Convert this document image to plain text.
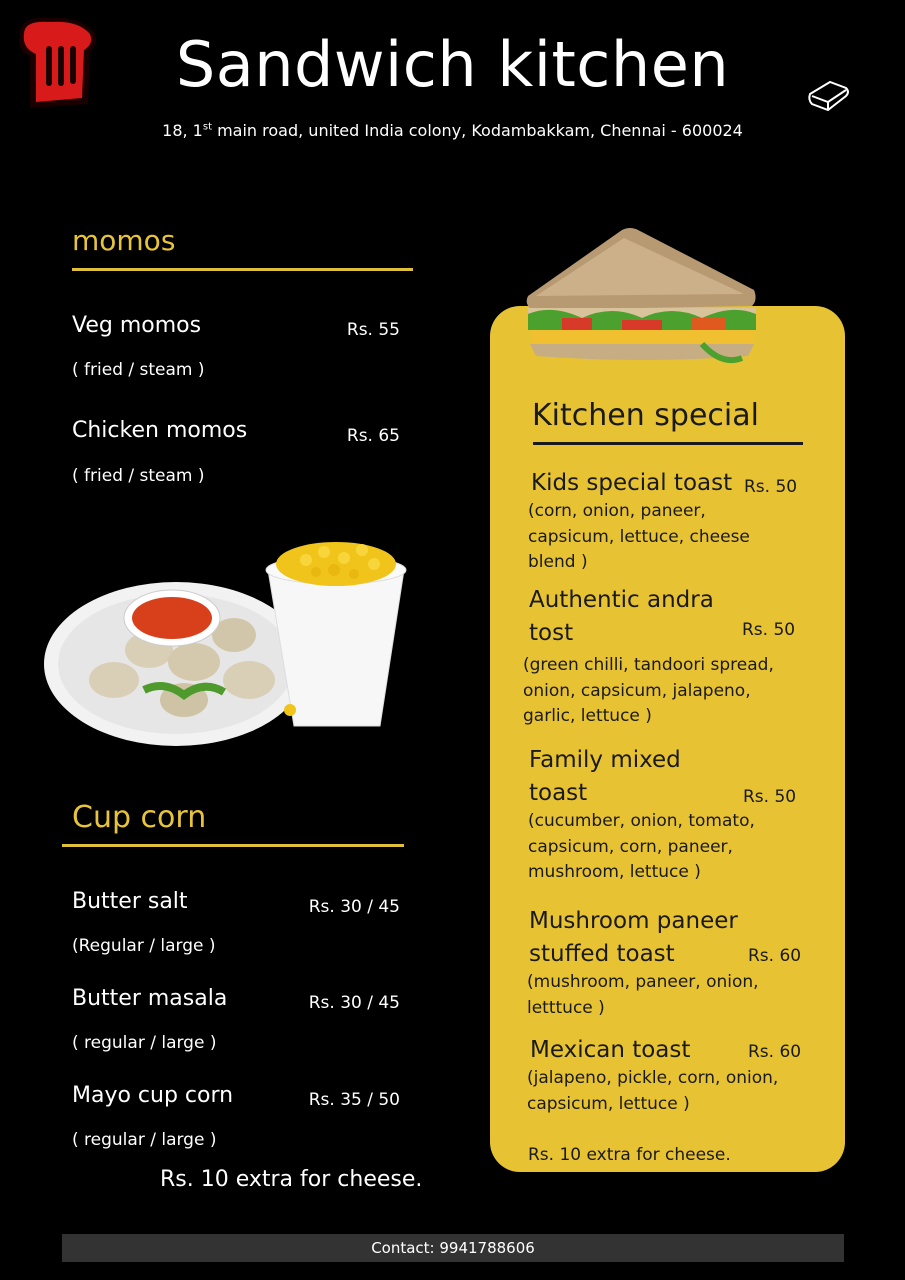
Sandwich kitchen
18, 1st main road, united India colony, Kodambakkam, Chennai - 600024
momos
Veg momos	Rs. 55
( fried / steam )
Chicken momos	Rs. 65
( fried / steam )
Cup corn
Butter salt	Rs. 30 / 45
(Regular / large )
Butter masala	Rs. 30 / 45
( regular / large )
Mayo cup corn	Rs. 35 / 50
( regular / large )
Rs. 10 extra for cheese.
Kitchen special
Kids special toast Rs. 50
(corn, onion, paneer,
capsicum, lettuce, cheese
blend )
Authentic andra
tost	Rs. 50
(green chilli, tandoori spread,
onion, capsicum, jalapeno,
garlic, lettuce )
Family mixed
toast	Rs. 50
(cucumber, onion, tomato,
capsicum, corn, paneer,
mushroom, lettuce )
Mushroom paneer
stuffed toast	Rs. 60
(mushroom, paneer, onion,
letttuce )
Mexican toast	Rs. 60
(jalapeno, pickle, corn, onion,
capsicum, lettuce )
Rs. 10 extra for cheese.
Contact: 9941788606
